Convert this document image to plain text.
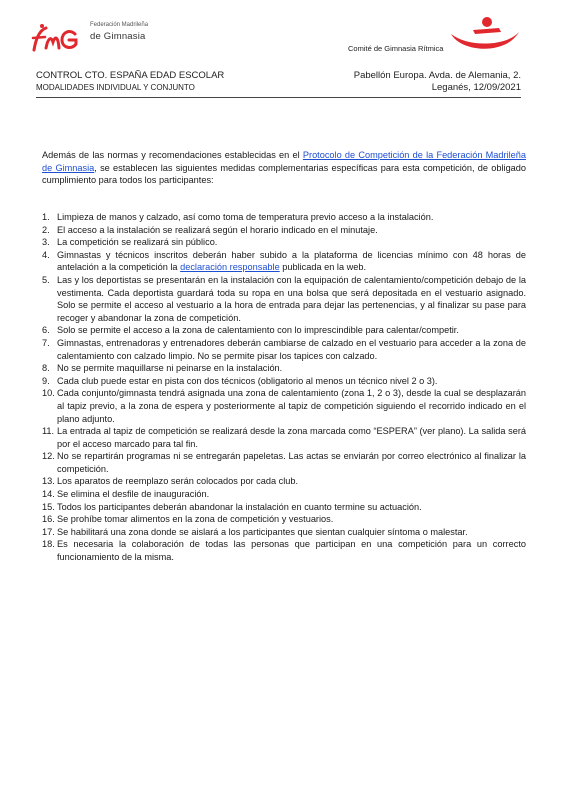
Federación Madrileña
de Gimnasia
Comité de Gimnasia Rítmica
CONTROL CTO. ESPAÑA EDAD ESCOLAR
MODALIDADES INDIVIDUAL Y CONJUNTO
Pabellón Europa. Avda. de Alemania, 2.
Leganés, 12/09/2021

Además de las normas y recomendaciones establecidas en el Protocolo de Competición de la Federación Madrileña de Gimnasia, se establecen las siguientes medidas complementarias específicas para esta competición, de obligado cumplimiento para todos los participantes:

1. Limpieza de manos y calzado, así como toma de temperatura previo acceso a la instalación.
2. El acceso a la instalación se realizará según el horario indicado en el minutaje.
3. La competición se realizará sin público.
4. Gimnastas y técnicos inscritos deberán haber subido a la plataforma de licencias mínimo con 48 horas de antelación a la competición la declaración responsable publicada en la web.
5. Las y los deportistas se presentarán en la instalación con la equipación de calentamiento/competición debajo de la vestimenta. Cada deportista guardará toda su ropa en una bolsa que será depositada en el vestuario asignado. Solo se permite el acceso al vestuario a la hora de entrada para dejar las pertenencias, y al finalizar su pase para recoger y abandonar la zona de competición.
6. Solo se permite el acceso a la zona de calentamiento con lo imprescindible para calentar/competir.
7. Gimnastas, entrenadoras y entrenadores deberán cambiarse de calzado en el vestuario para acceder a la zona de calentamiento con calzado limpio. No se permite pisar los tapices con calzado.
8. No se permite maquillarse ni peinarse en la instalación.
9. Cada club puede estar en pista con dos técnicos (obligatorio al menos un técnico nivel 2 o 3).
10. Cada conjunto/gimnasta tendrá asignada una zona de calentamiento (zona 1, 2 o 3), desde la cual se desplazarán al tapiz previo, a la zona de espera y posteriormente al tapiz de competición siguiendo el recorrido indicado en el plano adjunto.
11. La entrada al tapiz de competición se realizará desde la zona marcada como “ESPERA” (ver plano). La salida será por el acceso marcado para tal fin.
12. No se repartirán programas ni se entregarán papeletas. Las actas se enviarán por correo electrónico al finalizar la competición.
13. Los aparatos de reemplazo serán colocados por cada club.
14. Se elimina el desfile de inauguración.
15. Todos los participantes deberán abandonar la instalación en cuanto termine su actuación.
16. Se prohíbe tomar alimentos en la zona de competición y vestuarios.
17. Se habilitará una zona donde se aislará a los participantes que sientan cualquier síntoma o malestar.
18. Es necesaria la colaboración de todas las personas que participan en una competición para un correcto funcionamiento de la misma.
